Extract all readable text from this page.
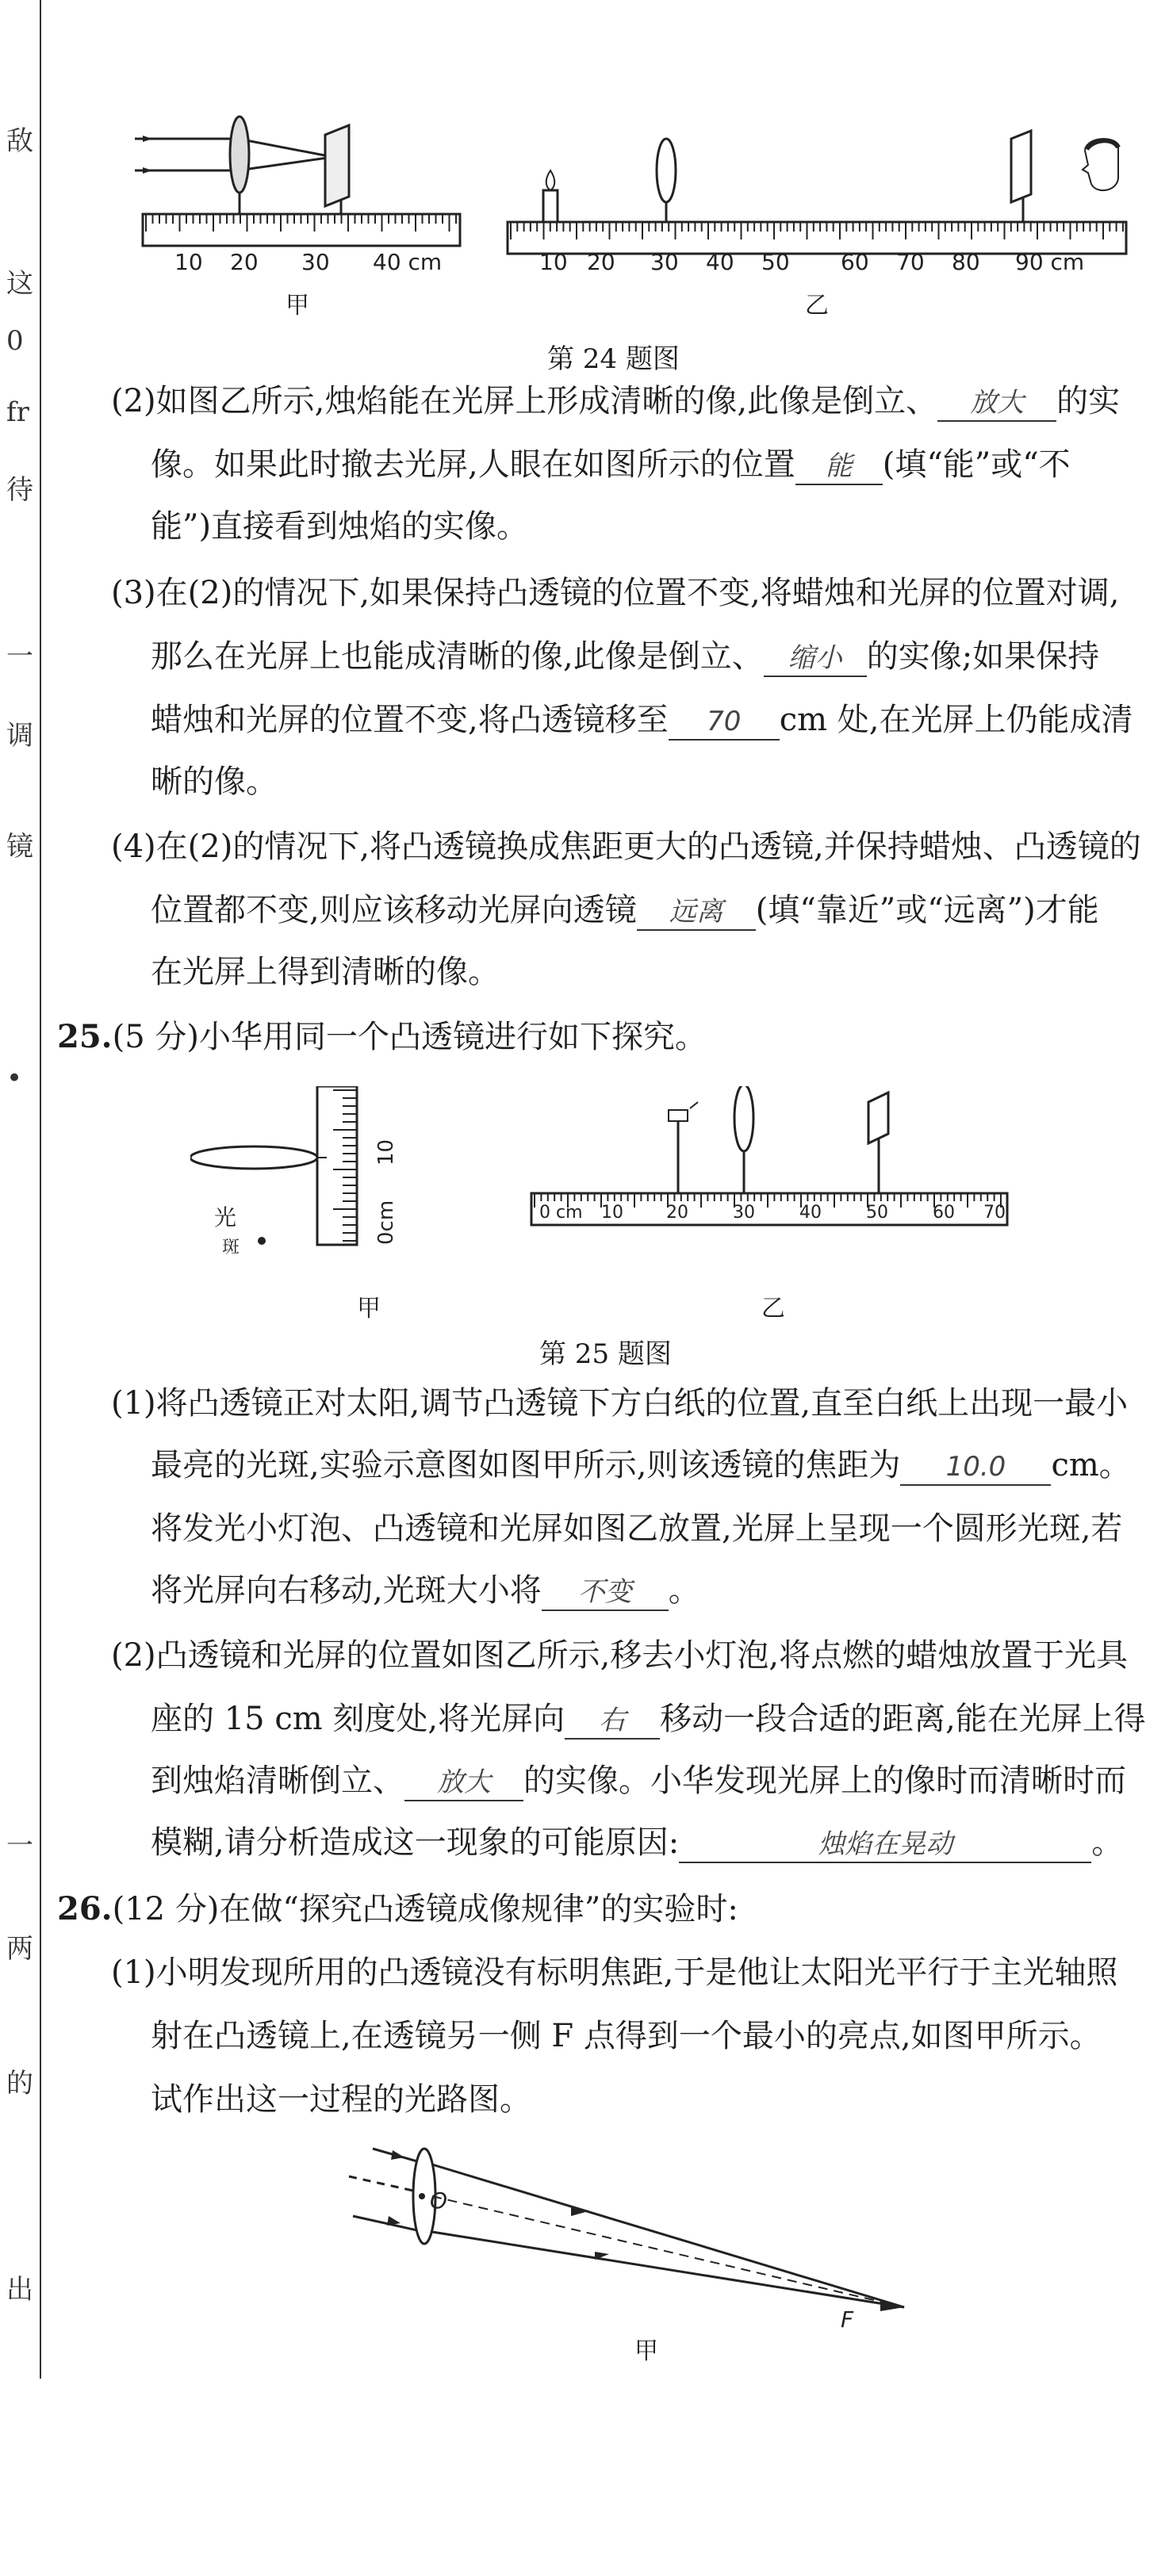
敌
这
0
fr
待
一
调
镜
•
一
两
的
出
10 20 30 40 cm
甲
10 20 30 40 50 60 70 80 90 cm
乙
第 24 题图
(2)如图乙所示,烛焰能在光屏上形成清晰的像,此像是倒立、 放大 的实
像。如果此时撤去光屏,人眼在如图所示的位置 能 (填“能”或“不
能”)直接看到烛焰的实像。
(3)在(2)的情况下,如果保持凸透镜的位置不变,将蜡烛和光屏的位置对调,
那么在光屏上也能成清晰的像,此像是倒立、 缩小 的实像;如果保持
蜡烛和光屏的位置不变,将凸透镜移至 70 cm 处,在光屏上仍能成清
晰的像。
(4)在(2)的情况下,将凸透镜换成焦距更大的凸透镜,并保持蜡烛、凸透镜的
位置都不变,则应该移动光屏向透镜 远离 (填“靠近”或“远离”)才能
在光屏上得到清晰的像。
25.(5 分)小华用同一个凸透镜进行如下探究。
10
0cm
光
斑
甲
0 cm 10 20	30	40	50	60 70
乙
第 25 题图
(1)将凸透镜正对太阳,调节凸透镜下方白纸的位置,直至白纸上出现一最小
最亮的光斑,实验示意图如图甲所示,则该透镜的焦距为 10.0 cm。
将发光小灯泡、凸透镜和光屏如图乙放置,光屏上呈现一个圆形光斑,若
将光屏向右移动,光斑大小将 不变 。
(2)凸透镜和光屏的位置如图乙所示,移去小灯泡,将点燃的蜡烛放置于光具
座的 15 cm 刻度处,将光屏向 右 移动一段合适的距离,能在光屏上得
到烛焰清晰倒立、 放大 的实像。小华发现光屏上的像时而清晰时而
模糊,请分析造成这一现象的可能原因:	烛焰在晃动	。
26.(12 分)在做“探究凸透镜成像规律”的实验时:
(1)小明发现所用的凸透镜没有标明焦距,于是他让太阳光平行于主光轴照
射在凸透镜上,在透镜另一侧 F 点得到一个最小的亮点,如图甲所示。
试作出这一过程的光路图。
O
F
甲
